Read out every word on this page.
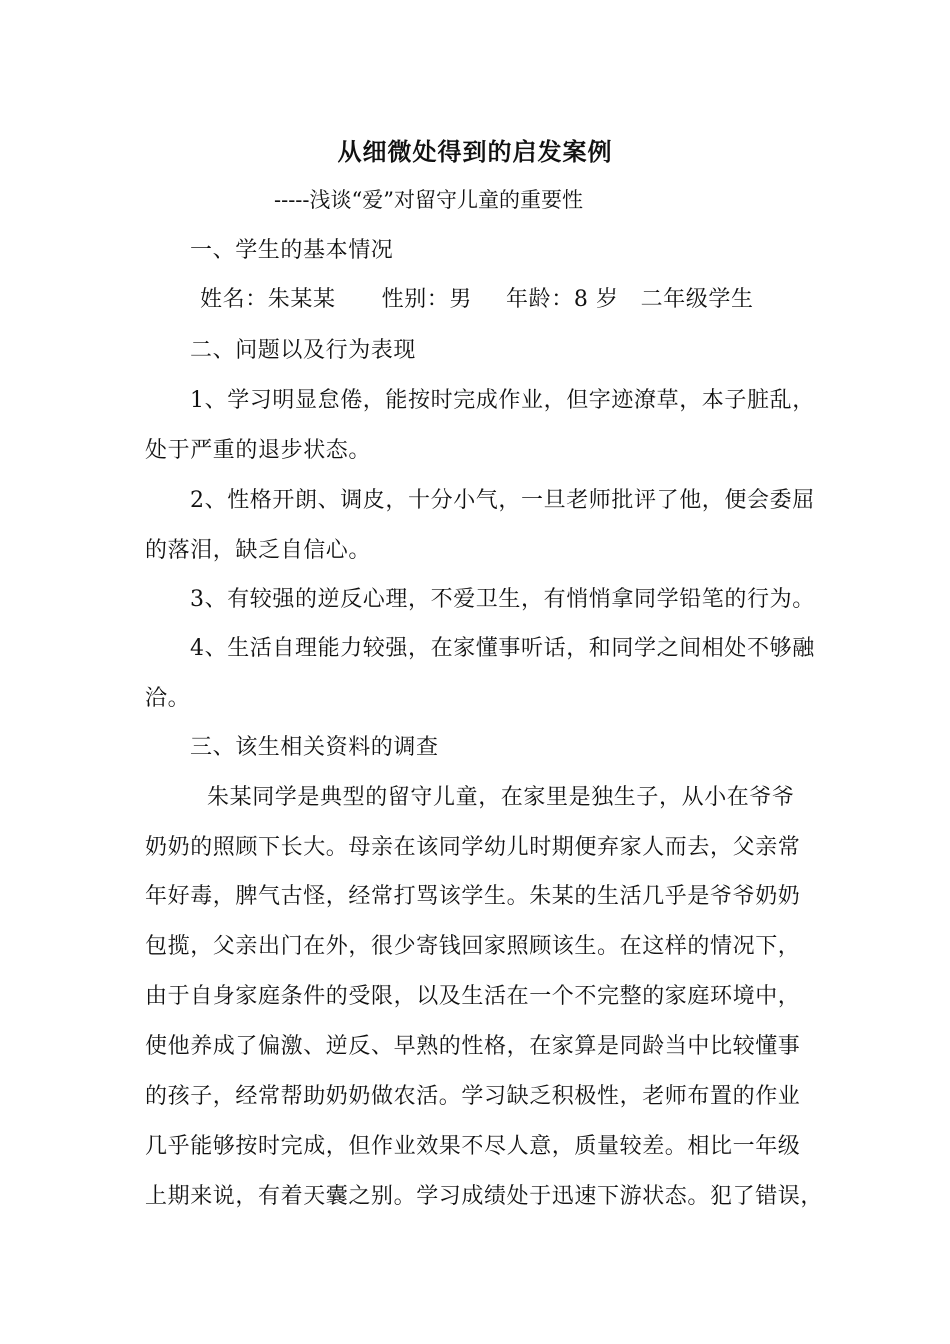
从细微处得到的启发案例
-----浅谈“爱”对留守儿童的重要性
一、学生的基本情况
姓名：朱某某 性别：男 年龄：8 岁 二年级学生
二、问题以及行为表现
1、学习明显怠倦，能按时完成作业，但字迹潦草，本子脏乱，
处于严重的退步状态。
2、性格开朗、调皮，十分小气，一旦老师批评了他，便会委屈
的落泪，缺乏自信心。
3、有较强的逆反心理，不爱卫生，有悄悄拿同学铅笔的行为。
4、生活自理能力较强，在家懂事听话，和同学之间相处不够融
洽。
三、该生相关资料的调查
朱某同学是典型的留守儿童，在家里是独生子，从小在爷爷
奶奶的照顾下长大。母亲在该同学幼儿时期便弃家人而去，父亲常
年好毒，脾气古怪，经常打骂该学生。朱某的生活几乎是爷爷奶奶
包揽，父亲出门在外，很少寄钱回家照顾该生。在这样的情况下，
由于自身家庭条件的受限，以及生活在一个不完整的家庭环境中，
使他养成了偏激、逆反、早熟的性格，在家算是同龄当中比较懂事
的孩子，经常帮助奶奶做农活。学习缺乏积极性，老师布置的作业
几乎能够按时完成，但作业效果不尽人意，质量较差。相比一年级
上期来说，有着天囊之别。学习成绩处于迅速下游状态。犯了错误，
